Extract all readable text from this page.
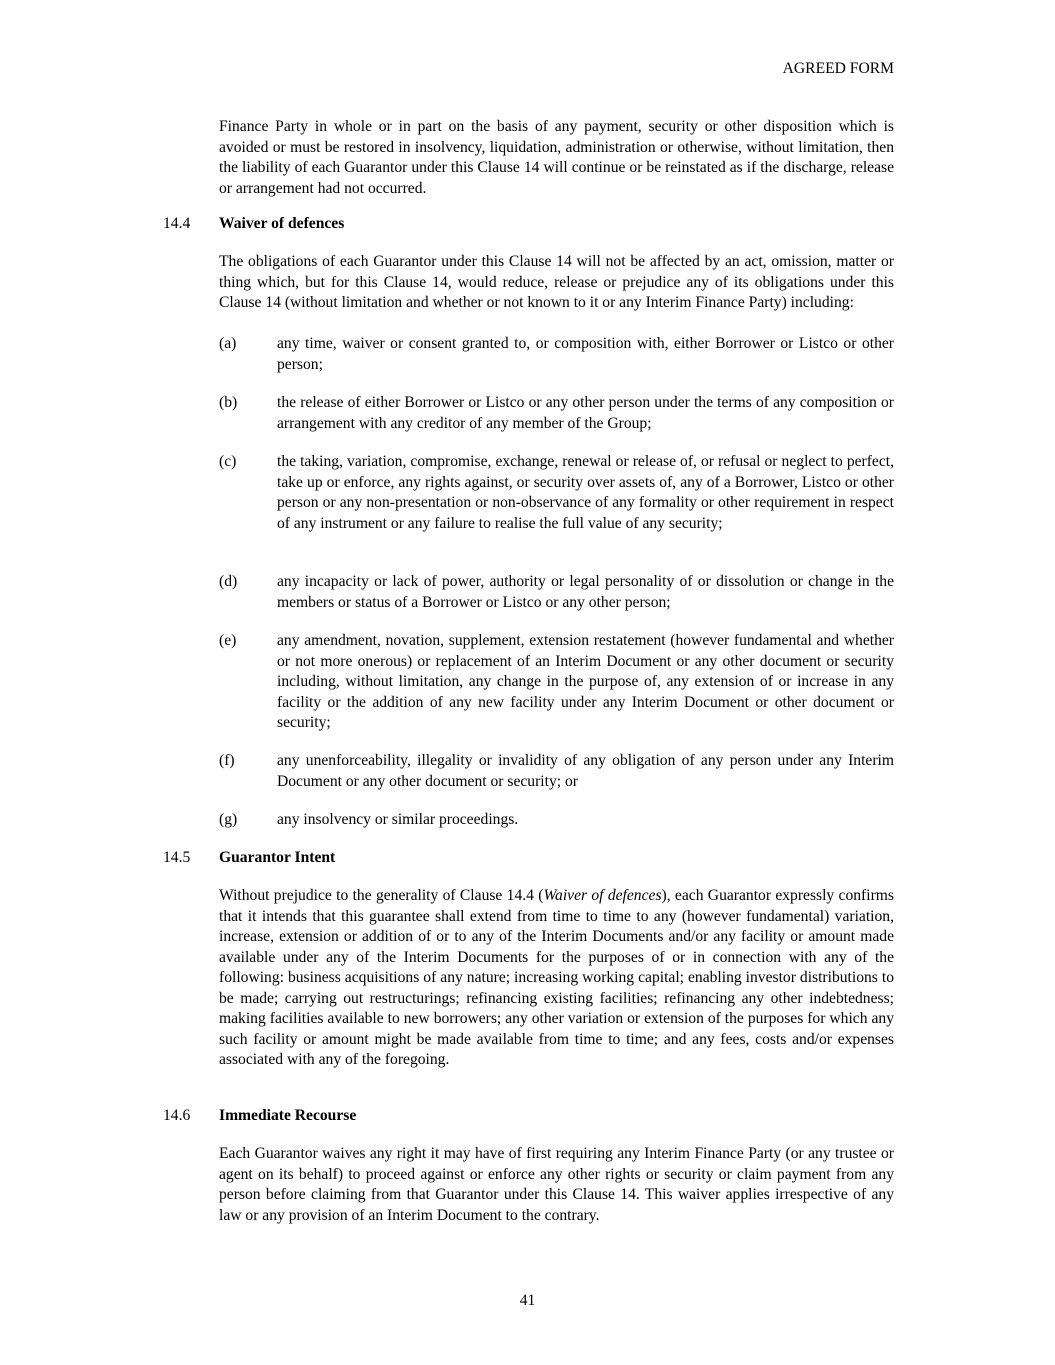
AGREED FORM

Finance Party in whole or in part on the basis of any payment, security or other disposition which is avoided or must be restored in insolvency, liquidation, administration or otherwise, without limitation, then the liability of each Guarantor under this Clause 14 will continue or be reinstated as if the discharge, release or arrangement had not occurred.

14.4 Waiver of defences

The obligations of each Guarantor under this Clause 14 will not be affected by an act, omission, matter or thing which, but for this Clause 14, would reduce, release or prejudice any of its obligations under this Clause 14 (without limitation and whether or not known to it or any Interim Finance Party) including:

(a)	any time, waiver or consent granted to, or composition with, either Borrower or Listco or other person;
(b)	the release of either Borrower or Listco or any other person under the terms of any composition or arrangement with any creditor of any member of the Group;
(c)	the taking, variation, compromise, exchange, renewal or release of, or refusal or neglect to perfect, take up or enforce, any rights against, or security over assets of, any of a Borrower, Listco or other person or any non-presentation or non-observance of any formality or other requirement in respect of any instrument or any failure to realise the full value of any security;
(d)	any incapacity or lack of power, authority or legal personality of or dissolution or change in the members or status of a Borrower or Listco or any other person;
(e)	any amendment, novation, supplement, extension restatement (however fundamental and whether or not more onerous) or replacement of an Interim Document or any other document or security including, without limitation, any change in the purpose of, any extension of or increase in any facility or the addition of any new facility under any Interim Document or other document or security;
(f)	any unenforceability, illegality or invalidity of any obligation of any person under any Interim Document or any other document or security; or
(g)	any insolvency or similar proceedings.
14.5 Guarantor Intent

Without prejudice to the generality of Clause 14.4 (Waiver of defences), each Guarantor expressly confirms that it intends that this guarantee shall extend from time to time to any (however fundamental) variation, increase, extension or addition of or to any of the Interim Documents and/or any facility or amount made available under any of the Interim Documents for the purposes of or in connection with any of the following: business acquisitions of any nature; increasing working capital; enabling investor distributions to be made; carrying out restructurings; refinancing existing facilities; refinancing any other indebtedness; making facilities available to new borrowers; any other variation or extension of the purposes for which any such facility or amount might be made available from time to time; and any fees, costs and/or expenses associated with any of the foregoing.

14.6 Immediate Recourse

Each Guarantor waives any right it may have of first requiring any Interim Finance Party (or any trustee or agent on its behalf) to proceed against or enforce any other rights or security or claim payment from any person before claiming from that Guarantor under this Clause 14. This waiver applies irrespective of any law or any provision of an Interim Document to the contrary.

41
